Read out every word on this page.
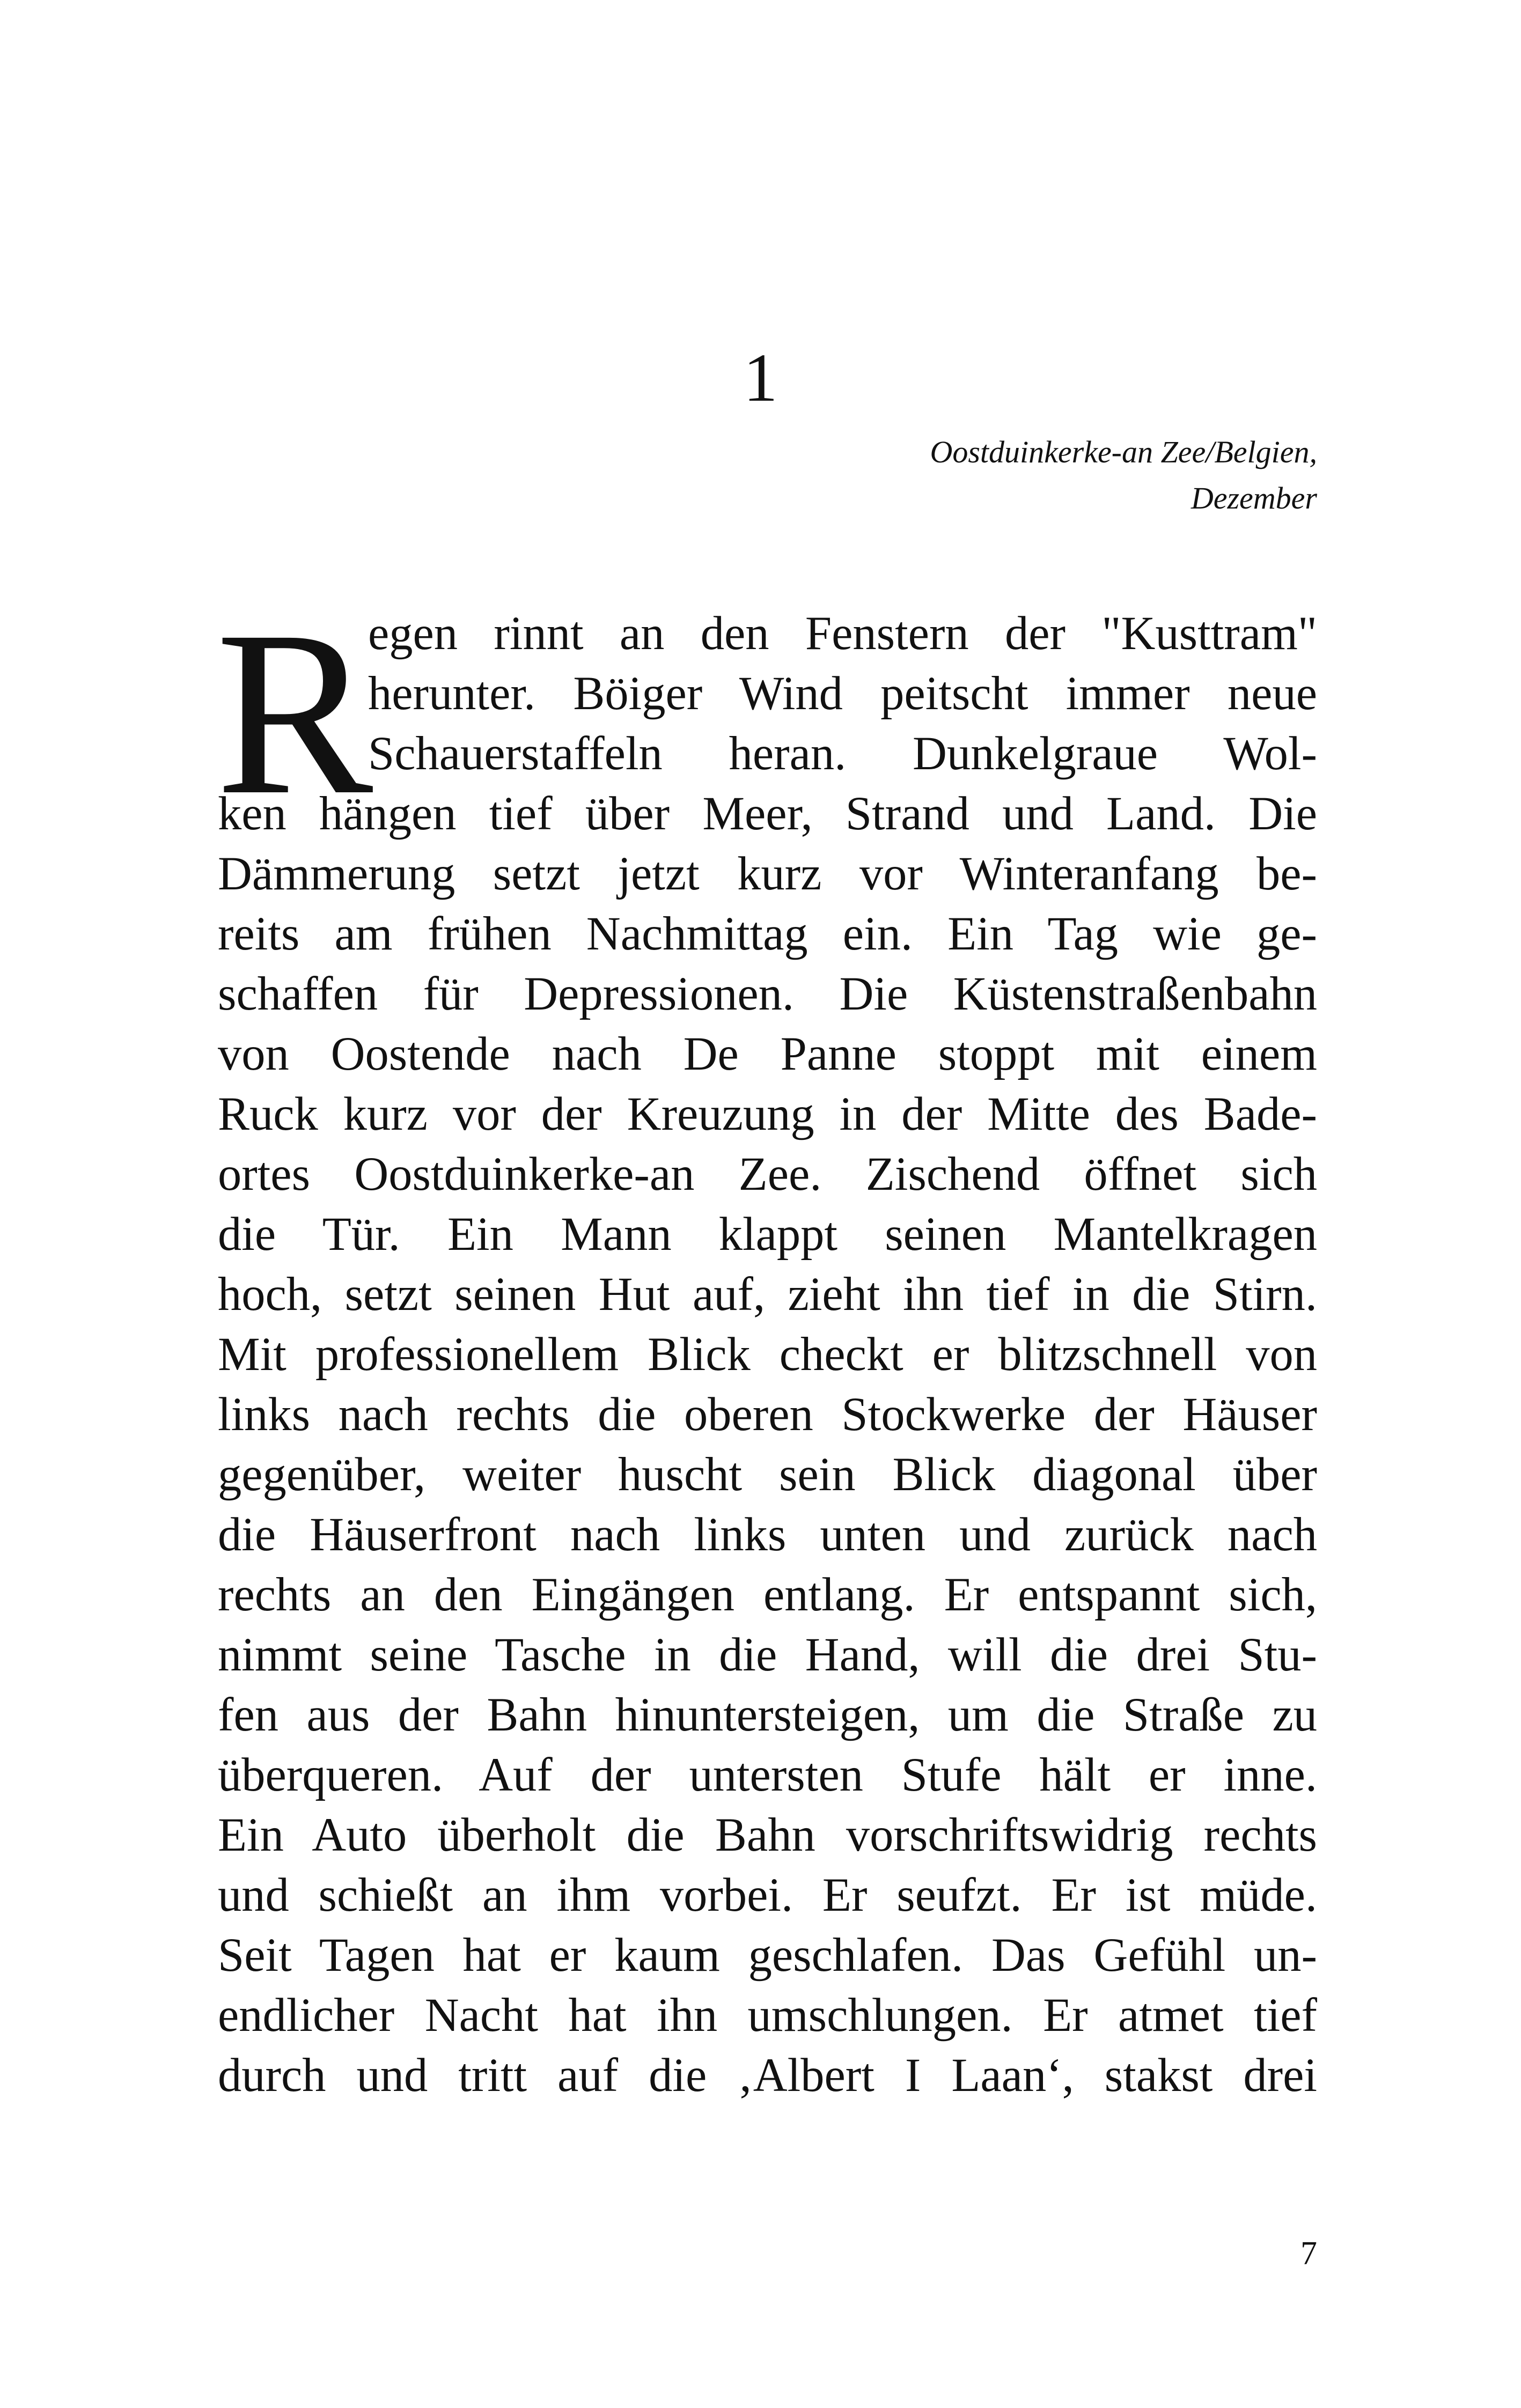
1
Oostduinkerke-an Zee/Belgien,
Dezember
R
egen rinnt an den Fenstern der "Kusttram"
herunter. Böiger Wind peitscht immer neue
Schauerstaffeln heran. Dunkelgraue Wol-
ken hängen tief über Meer, Strand und Land. Die
Dämmerung setzt jetzt kurz vor Winteranfang be-
reits am frühen Nachmittag ein. Ein Tag wie ge-
schaffen für Depressionen. Die Küstenstraßenbahn
von Oostende nach De Panne stoppt mit einem
Ruck kurz vor der Kreuzung in der Mitte des Bade-
ortes Oostduinkerke-an Zee. Zischend öffnet sich
die Tür. Ein Mann klappt seinen Mantelkragen
hoch, setzt seinen Hut auf, zieht ihn tief in die Stirn.
Mit professionellem Blick checkt er blitzschnell von
links nach rechts die oberen Stockwerke der Häuser
gegenüber, weiter huscht sein Blick diagonal über
die Häuserfront nach links unten und zurück nach
rechts an den Eingängen entlang. Er entspannt sich,
nimmt seine Tasche in die Hand, will die drei Stu-
fen aus der Bahn hinuntersteigen, um die Straße zu
überqueren. Auf der untersten Stufe hält er inne.
Ein Auto überholt die Bahn vorschriftswidrig rechts
und schießt an ihm vorbei. Er seufzt. Er ist müde.
Seit Tagen hat er kaum geschlafen. Das Gefühl un-
endlicher Nacht hat ihn umschlungen. Er atmet tief
durch und tritt auf die ‚Albert I Laan‘, stakst drei
7
